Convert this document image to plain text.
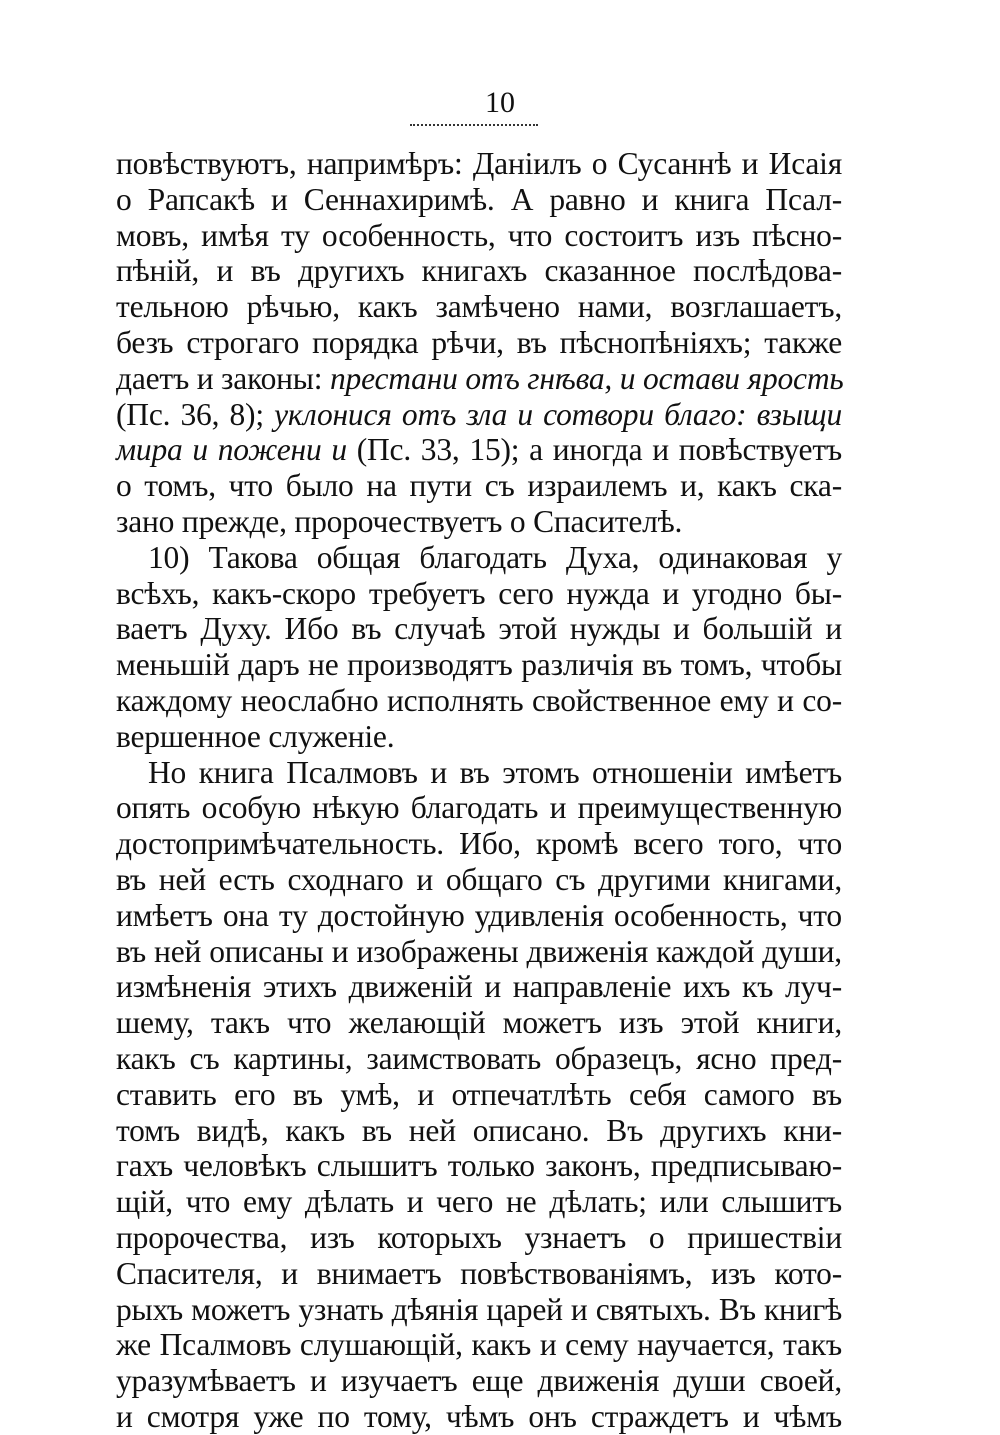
10
повѣствуютъ, напримѣръ: Даніилъ о Сусаннѣ и Исаія
о Рапсакѣ и Сеннахиримѣ. А равно и книга Псал-
мовъ, имѣя ту особенность, что состоитъ изъ пѣсно-
пѣній, и въ другихъ книгахъ сказанное послѣдова-
тельною рѣчью, какъ замѣчено нами, возглашаетъ,
безъ строгаго порядка рѣчи, въ пѣснопѣніяхъ; также
даетъ и законы: престани отъ гнѣва, и остави ярость
(Пс. 36, 8); уклонися отъ зла и сотвори благо: взыщи
мира и пожени и (Пс. 33, 15); а иногда и повѣствуетъ
о томъ, что было на пути съ израилемъ и, какъ ска-
зано прежде, пророчествуетъ о Спасителѣ.
10) Такова общая благодать Духа, одинаковая у
всѣхъ, какъ-скоро требуетъ сего нужда и угодно бы-
ваетъ Духу. Ибо въ случаѣ этой нужды и большій и
меньшій даръ не производятъ различія въ томъ, чтобы
каждому неослабно исполнять свойственное ему и со-
вершенное служеніе.
Но книга Псалмовъ и въ этомъ отношеніи имѣетъ
опять особую нѣкую благодать и преимущественную
достопримѣчательность. Ибо, кромѣ всего того, что
въ ней есть сходнаго и общаго съ другими книгами,
имѣетъ она ту достойную удивленія особенность, что
въ ней описаны и изображены движенія каждой души,
измѣненія этихъ движеній и направленіе ихъ къ луч-
шему, такъ что желающій можетъ изъ этой книги,
какъ съ картины, заимствовать образецъ, ясно пред-
ставить его въ умѣ, и отпечатлѣть себя самого въ
томъ видѣ, какъ въ ней описано. Въ другихъ кни-
гахъ человѣкъ слышитъ только законъ, предписываю-
щій, что ему дѣлать и чего не дѣлать; или слышитъ
пророчества, изъ которыхъ узнаетъ о пришествіи
Спасителя, и внимаетъ повѣствованіямъ, изъ кото-
рыхъ можетъ узнать дѣянія царей и святыхъ. Въ книгѣ
же Псалмовъ слушающій, какъ и сему научается, такъ
уразумѣваетъ и изучаетъ еще движенія души своей,
и смотря уже по тому, чѣмъ онъ страждетъ и чѣмъ
